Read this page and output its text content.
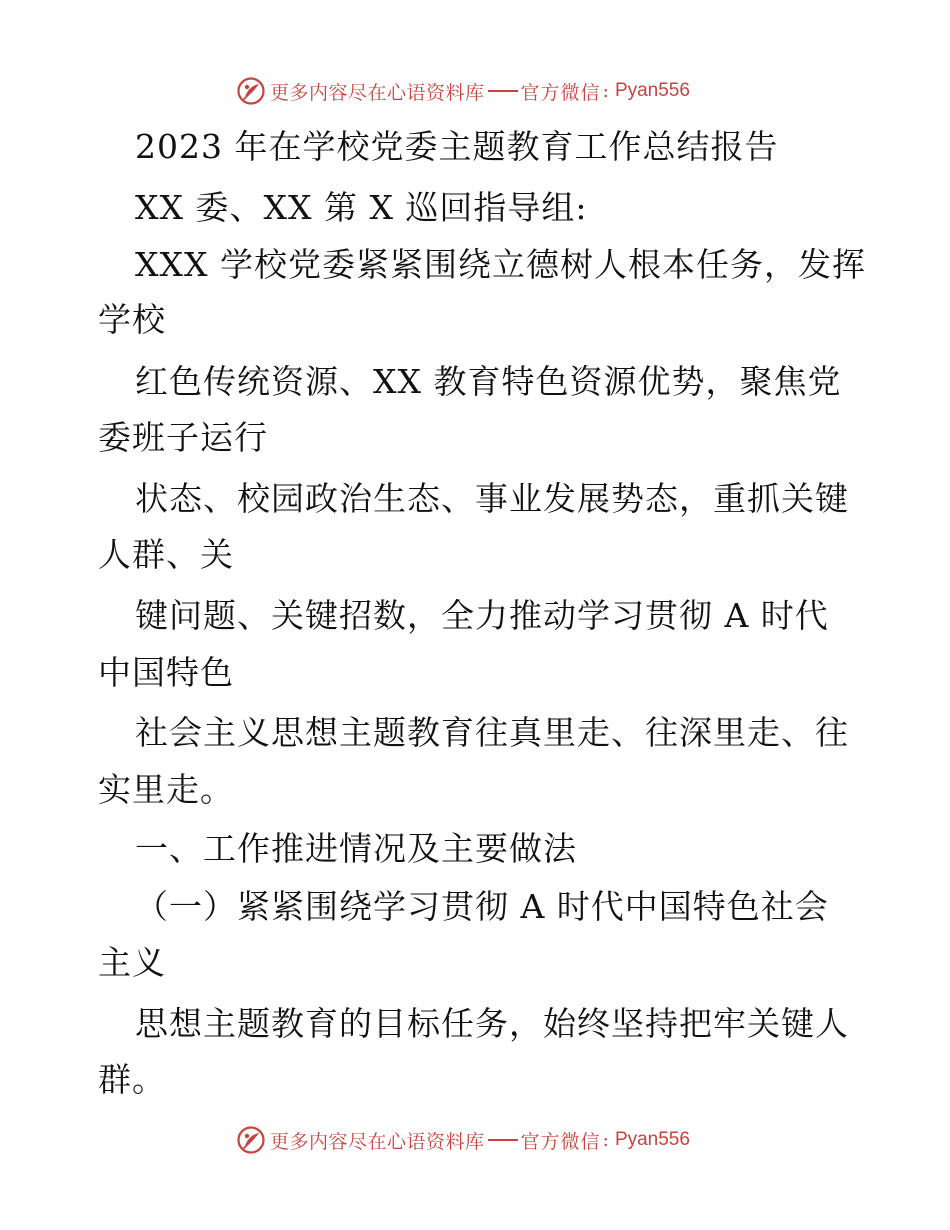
更多内容尽在心语资料库 官方微信 : Pyan556
2023 年在学校党委主题教育工作总结报告
XX 委、XX 第 X 巡回指导组:
XXX 学校党委紧紧围绕立德树人根本任务，发挥
学校
红色传统资源、XX 教育特色资源优势，聚焦党
委班子运行
状态、校园政治生态、事业发展势态，重抓关键
人群、关
键问题、关键招数，全力推动学习贯彻 A 时代
中国特色
社会主义思想主题教育往真里走、往深里走、往
实里走。
一、工作推进情况及主要做法
（一）紧紧围绕学习贯彻 A 时代中国特色社会
主义
思想主题教育的目标任务，始终坚持把牢关键人
群。
更多内容尽在心语资料库 官方微信 : Pyan556
